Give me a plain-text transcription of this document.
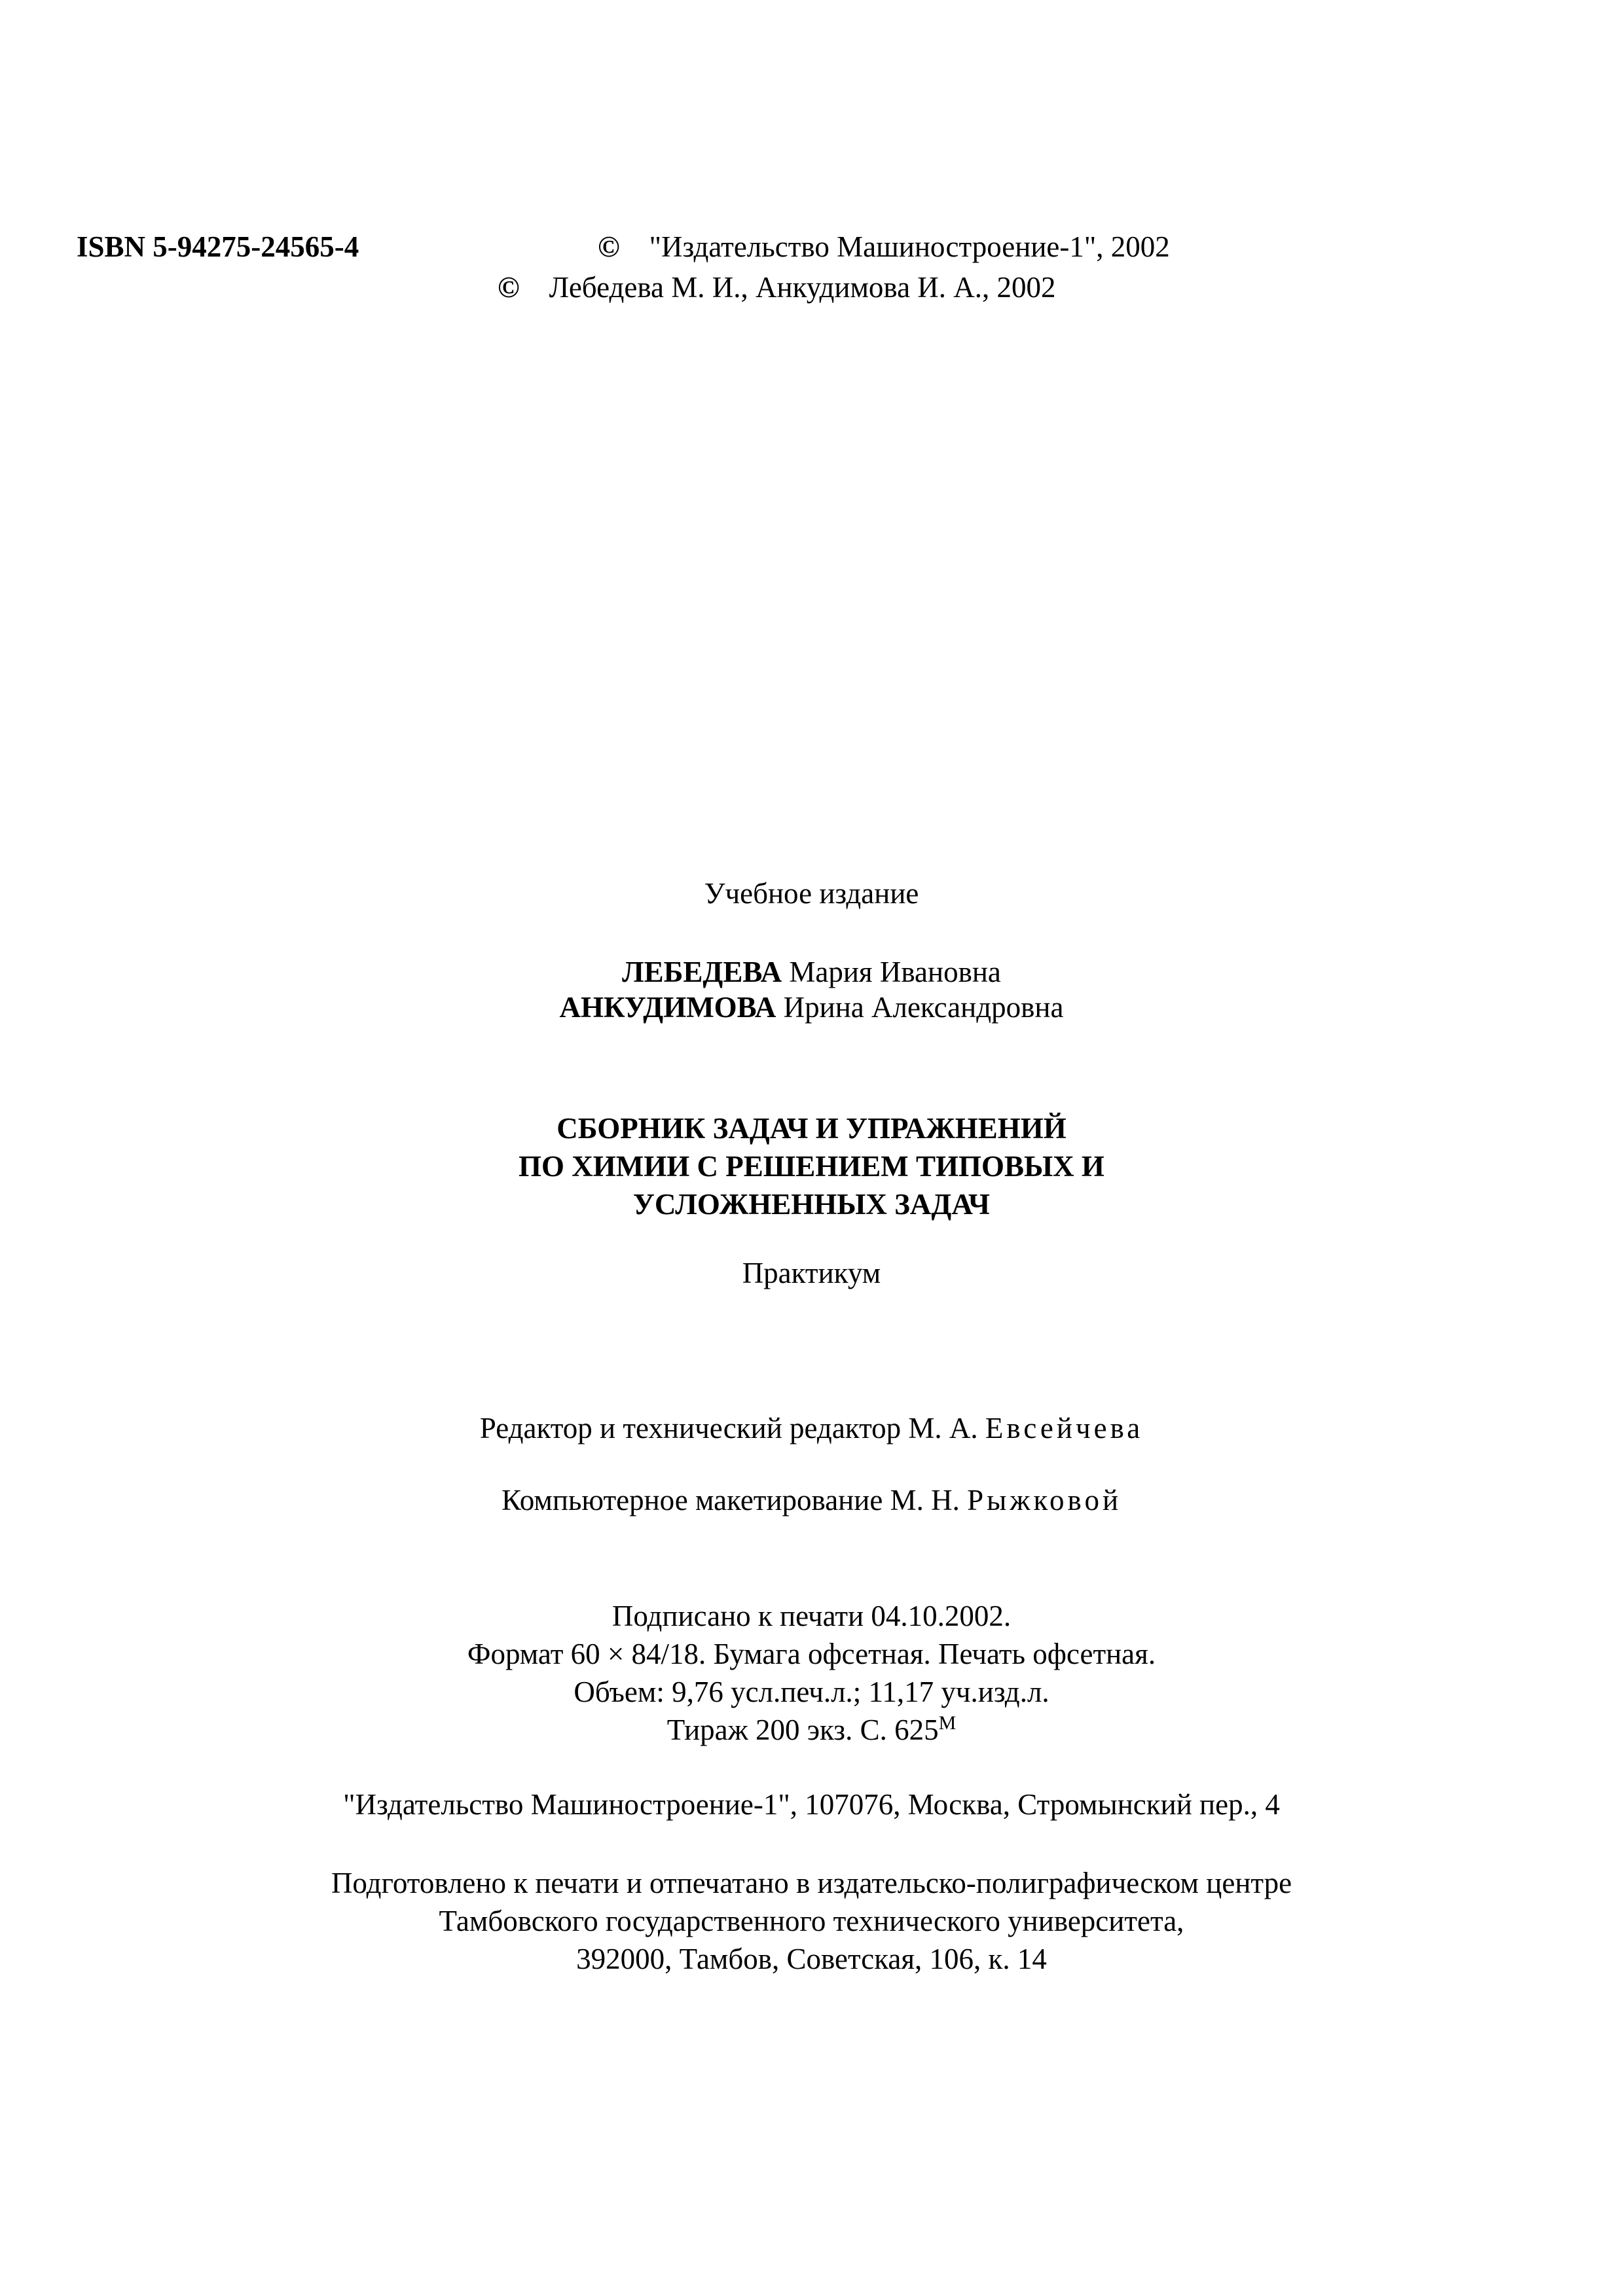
ISBN 5-94275-24565-4	© "Издательство Машиностроение-1", 2002
© Лебедева М. И., Анкудимова И. А., 2002
Учебное издание
ЛЕБЕДЕВА Мария Ивановна
АНКУДИМОВА Ирина Александровна
СБОРНИК ЗАДАЧ И УПРАЖНЕНИЙ
ПО ХИМИИ С РЕШЕНИЕМ ТИПОВЫХ И
УСЛОЖНЕННЫХ ЗАДАЧ
Практикум
Редактор и технический редактор М. А. Евсейчева
Компьютерное макетирование М. Н. Рыжковой
Подписано к печати 04.10.2002.
Формат 60 × 84/18. Бумага офсетная. Печать офсетная.
Объем: 9,76 усл.печ.л.; 11,17 уч.изд.л.
Тираж 200 экз. С. $625^М$
"Издательство Машиностроение-1", 107076, Москва, Стромынский пер., 4
Подготовлено к печати и отпечатано в издательско-полиграфическом центре
Тамбовского государственного технического университета,
392000, Тамбов, Советская, 106, к. 14
